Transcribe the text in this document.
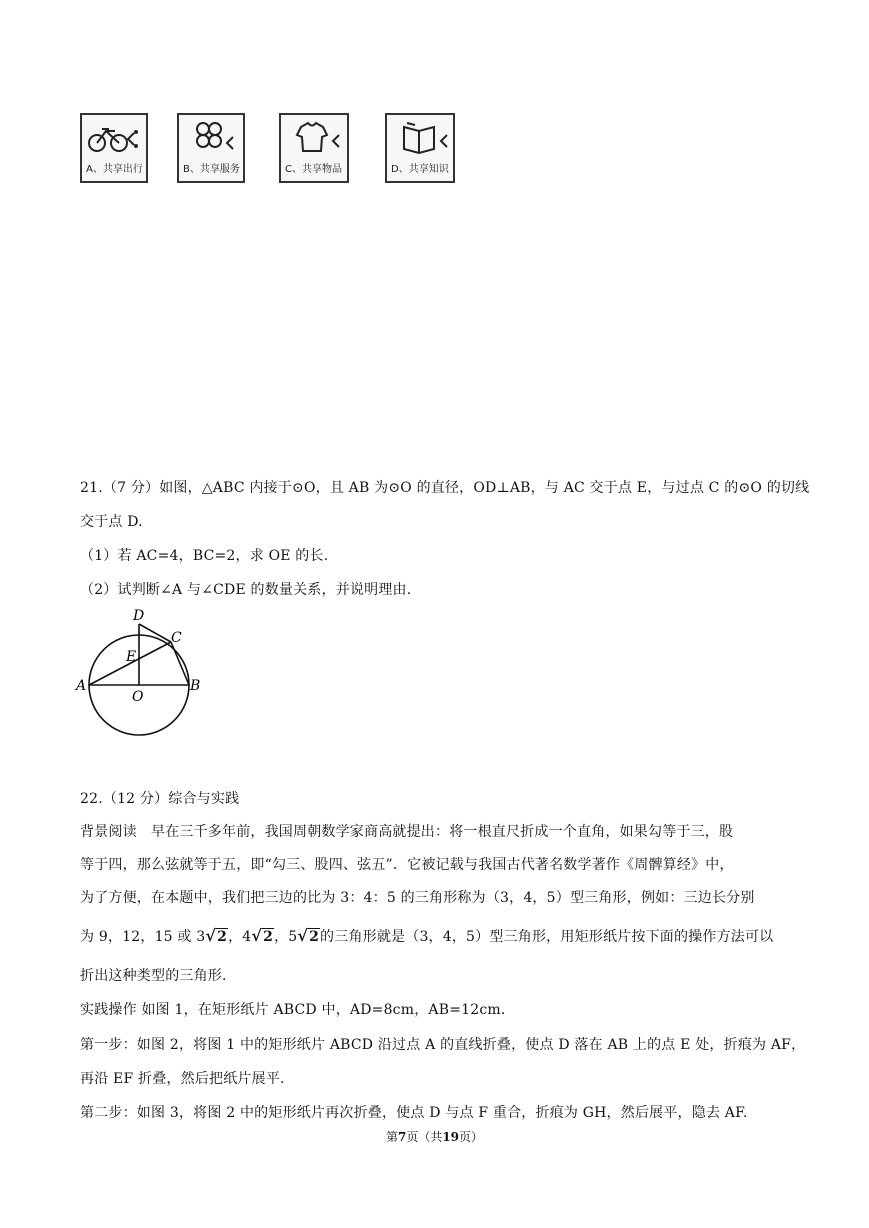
A、共享出行	B、共享服务	C、共享物品	D、共享知识
21.（7 分）如图，△ABC 内接于⊙O，且 AB 为⊙O 的直径，OD⊥AB，与 AC 交于点 E，与过点 C 的⊙O 的切线
交于点 D.
（1）若 AC=4，BC=2，求 OE 的长.
（2）试判断∠A 与∠CDE 的数量关系，并说明理由.
D
C
E
A
O
B
22.（12 分）综合与实践
背景阅读　早在三千多年前，我国周朝数学家商高就提出：将一根直尺折成一个直角，如果勾等于三，股
等于四，那么弦就等于五，即“勾三、股四、弦五”．它被记载与我国古代著名数学著作《周髀算经》中，
为了方便，在本题中，我们把三边的比为 3：4：5 的三角形称为（3，4，5）型三角形，例如：三边长分别
为 9，12，15 或 3√2，4√2，5√2的三角形就是（3，4，5）型三角形，用矩形纸片按下面的操作方法可以
折出这种类型的三角形.
实践操作 如图 1，在矩形纸片 ABCD 中，AD=8cm，AB=12cm.
第一步：如图 2，将图 1 中的矩形纸片 ABCD 沿过点 A 的直线折叠，使点 D 落在 AB 上的点 E 处，折痕为 AF，
再沿 EF 折叠，然后把纸片展平.
第二步：如图 3，将图 2 中的矩形纸片再次折叠，使点 D 与点 F 重合，折痕为 GH，然后展平，隐去 AF.
第7页（共19页）
